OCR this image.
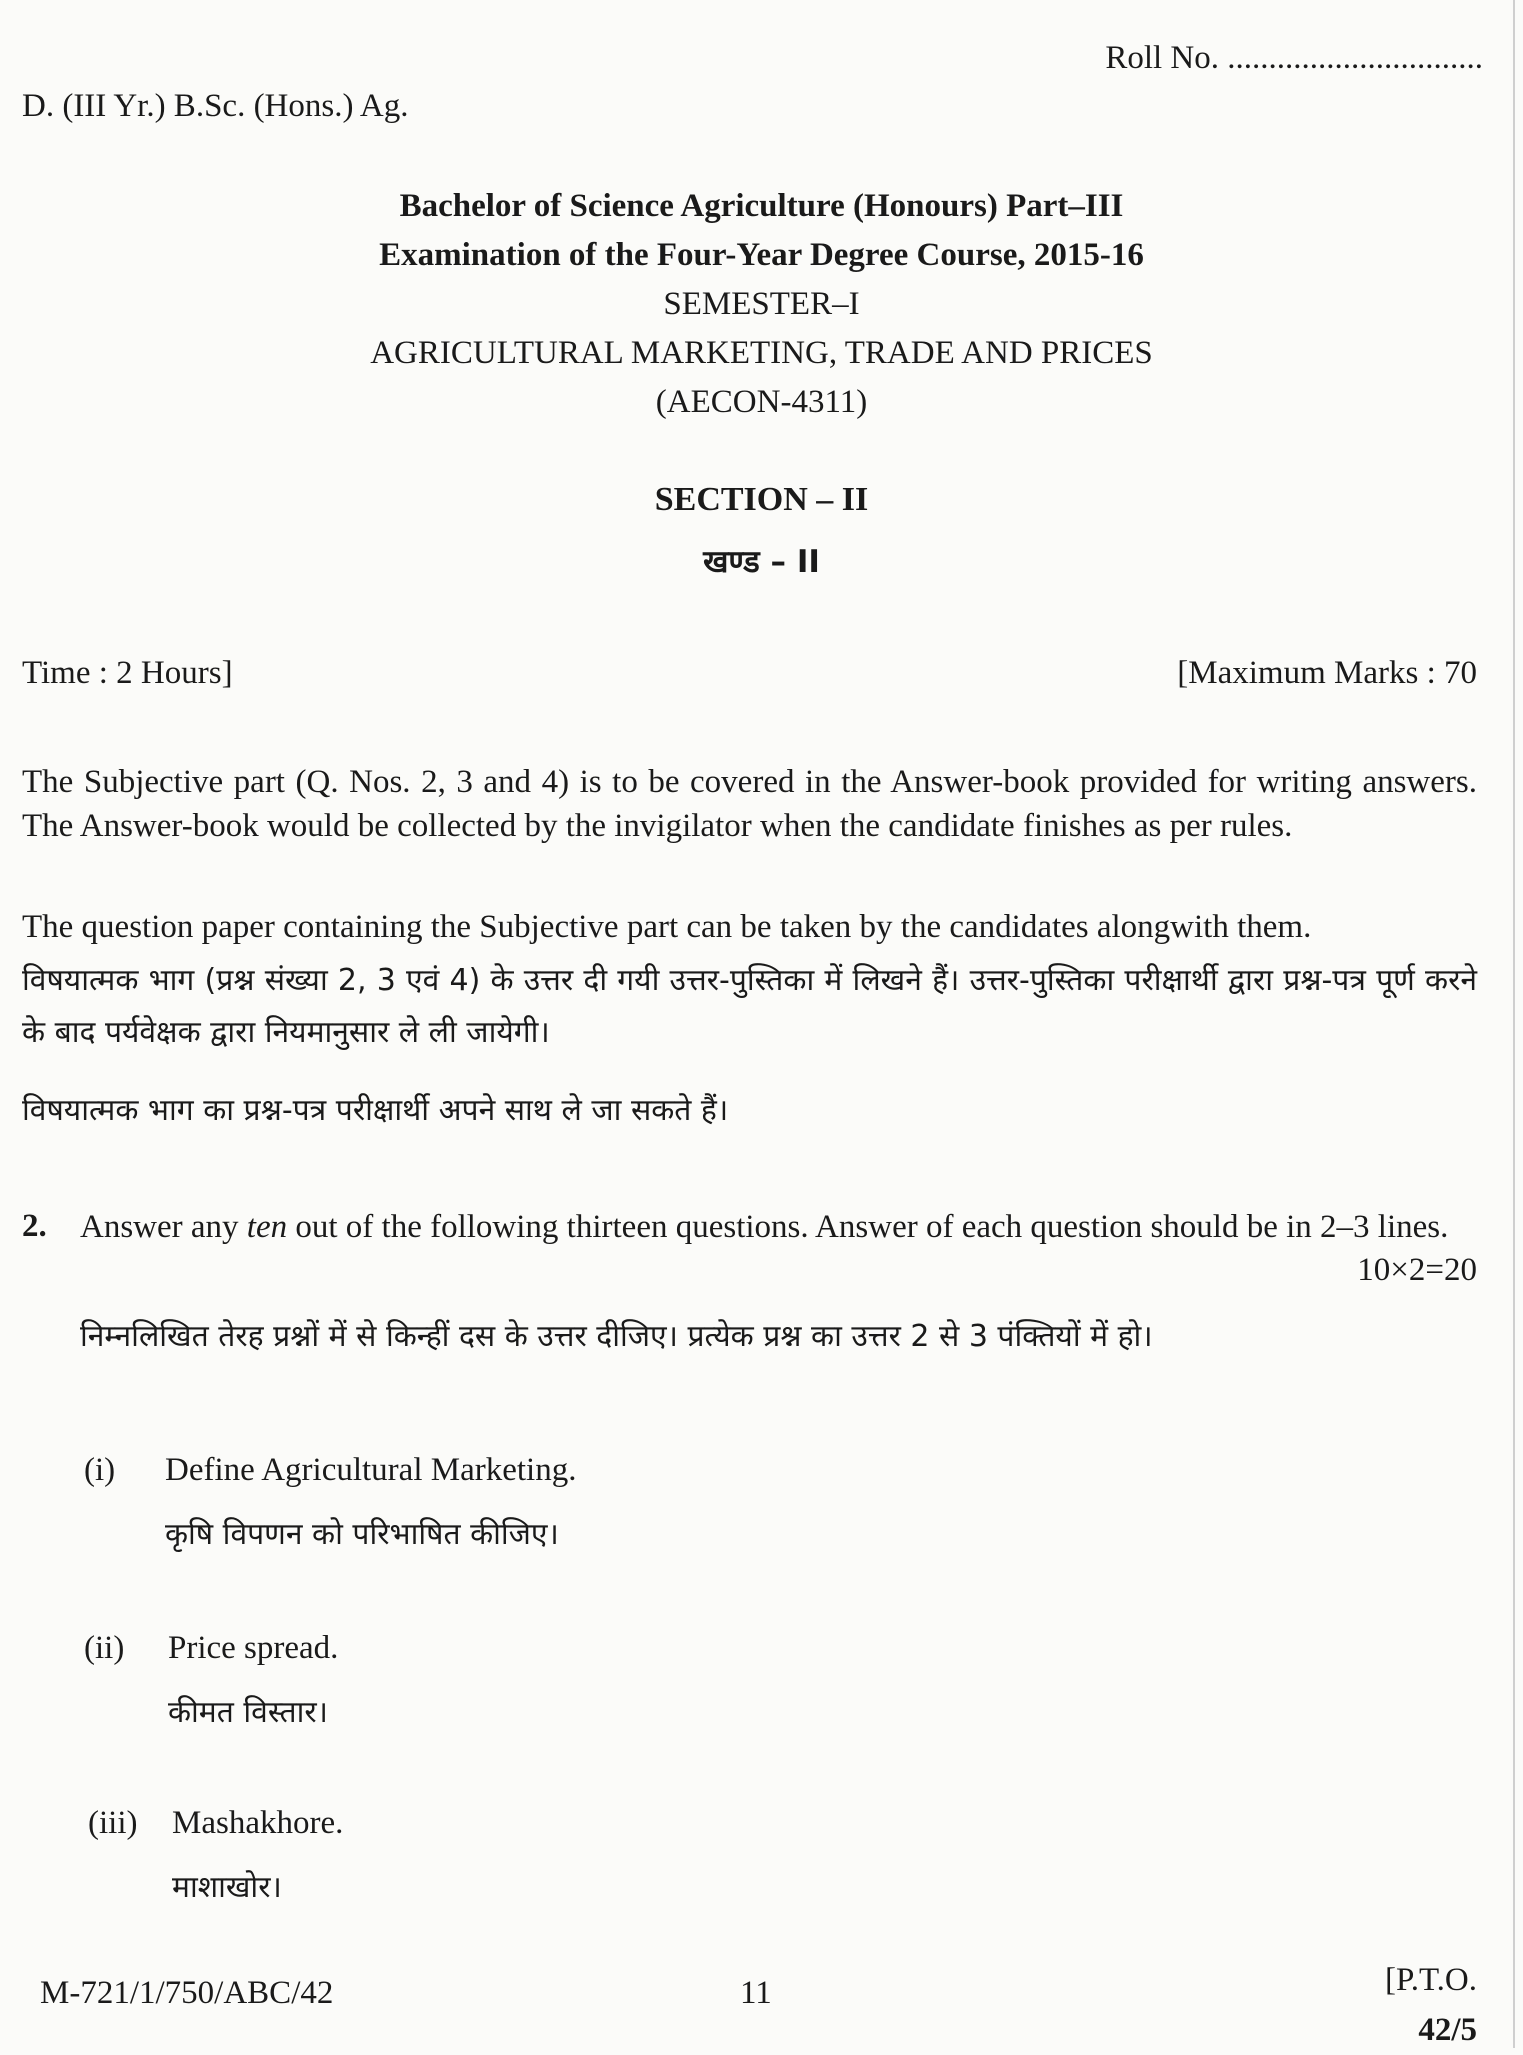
Roll No. ...............................
D. (III Yr.) B.Sc. (Hons.) Ag.
Bachelor of Science Agriculture (Honours) Part–III
Examination of the Four-Year Degree Course, 2015-16
SEMESTER–I
AGRICULTURAL MARKETING, TRADE AND PRICES
(AECON-4311)
SECTION – II
खण्ड – II
Time : 2 Hours]	[Maximum Marks : 70
The Subjective part (Q. Nos. 2, 3 and 4) is to be covered in the Answer-book provided for writing answers. The Answer-book would be collected by the invigilator when the candidate finishes as per rules.
The question paper containing the Subjective part can be taken by the candidates alongwith them.
विषयात्मक भाग (प्रश्न संख्या 2, 3 एवं 4) के उत्तर दी गयी उत्तर-पुस्तिका में लिखने हैं। उत्तर-पुस्तिका परीक्षार्थी द्वारा प्रश्न-पत्र पूर्ण करने के बाद पर्यवेक्षक द्वारा नियमानुसार ले ली जायेगी।
विषयात्मक भाग का प्रश्न-पत्र परीक्षार्थी अपने साथ ले जा सकते हैं।
2. Answer any ten out of the following thirteen questions. Answer of each question should be in 2–3 lines.
10×2=20
निम्नलिखित तेरह प्रश्नों में से किन्हीं दस के उत्तर दीजिए। प्रत्येक प्रश्न का उत्तर 2 से 3 पंक्तियों में हो।
(i) Define Agricultural Marketing.
कृषि विपणन को परिभाषित कीजिए।
(ii) Price spread.
कीमत विस्तार।
(iii) Mashakhore.
माशाखोर।
M-721/1/750/ABC/42	11	[P.T.O.
42/5
